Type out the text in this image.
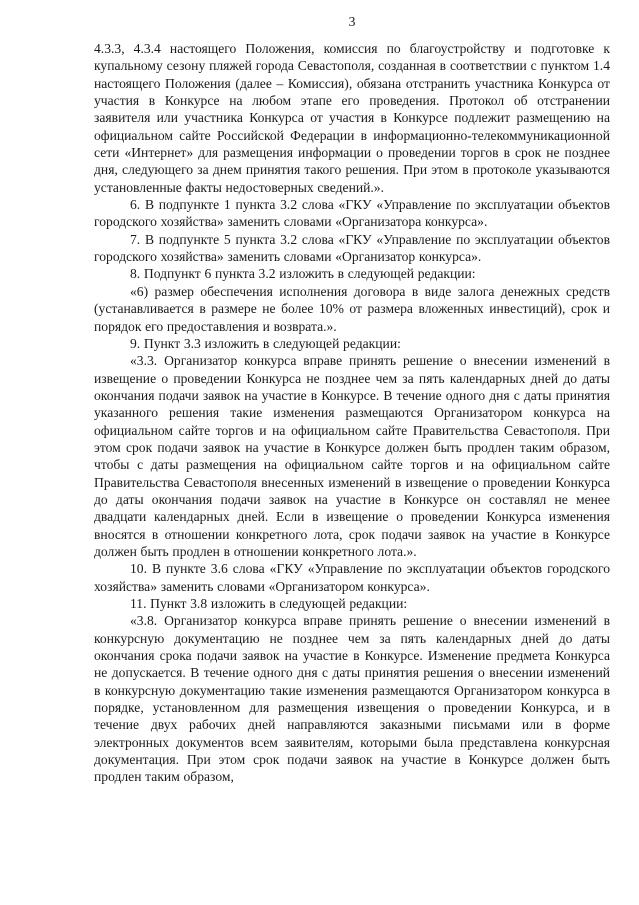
3

4.3.3, 4.3.4 настоящего Положения, комиссия по благоустройству и подготовке к купальному сезону пляжей города Севастополя, созданная в соответствии с пунктом 1.4 настоящего Положения (далее – Комиссия), обязана отстранить участника Конкурса от участия в Конкурсе на любом этапе его проведения. Протокол об отстранении заявителя или участника Конкурса от участия в Конкурсе подлежит размещению на официальном сайте Российской Федерации в информационно-телекоммуникационной сети «Интернет» для размещения информации о проведении торгов в срок не позднее дня, следующего за днем принятия такого решения. При этом в протоколе указываются установленные факты недостоверных сведений.».

6. В подпункте 1 пункта 3.2 слова «ГКУ «Управление по эксплуатации объектов городского хозяйства» заменить словами «Организатора конкурса».

7. В подпункте 5 пункта 3.2 слова «ГКУ «Управление по эксплуатации объектов городского хозяйства» заменить словами «Организатор конкурса».

8. Подпункт 6 пункта 3.2 изложить в следующей редакции:

«6) размер обеспечения исполнения договора в виде залога денежных средств (устанавливается в размере не более 10% от размера вложенных инвестиций), срок и порядок его предоставления и возврата.».

9. Пункт 3.3 изложить в следующей редакции:

«3.3. Организатор конкурса вправе принять решение о внесении изменений в извещение о проведении Конкурса не позднее чем за пять календарных дней до даты окончания подачи заявок на участие в Конкурсе. В течение одного дня с даты принятия указанного решения такие изменения размещаются Организатором конкурса на официальном сайте торгов и на официальном сайте Правительства Севастополя. При этом срок подачи заявок на участие в Конкурсе должен быть продлен таким образом, чтобы с даты размещения на официальном сайте торгов и на официальном сайте Правительства Севастополя внесенных изменений в извещение о проведении Конкурса до даты окончания подачи заявок на участие в Конкурсе он составлял не менее двадцати календарных дней. Если в извещение о проведении Конкурса изменения вносятся в отношении конкретного лота, срок подачи заявок на участие в Конкурсе должен быть продлен в отношении конкретного лота.».

10. В пункте 3.6 слова «ГКУ «Управление по эксплуатации объектов городского хозяйства» заменить словами «Организатором конкурса».

11. Пункт 3.8 изложить в следующей редакции:

«3.8. Организатор конкурса вправе принять решение о внесении изменений в конкурсную документацию не позднее чем за пять календарных дней до даты окончания срока подачи заявок на участие в Конкурсе. Изменение предмета Конкурса не допускается. В течение одного дня с даты принятия решения о внесении изменений в конкурсную документацию такие изменения размещаются Организатором конкурса в порядке, установленном для размещения извещения о проведении Конкурса, и в течение двух рабочих дней направляются заказными письмами или в форме электронных документов всем заявителям, которыми была представлена конкурсная документация. При этом срок подачи заявок на участие в Конкурсе должен быть продлен таким образом,
